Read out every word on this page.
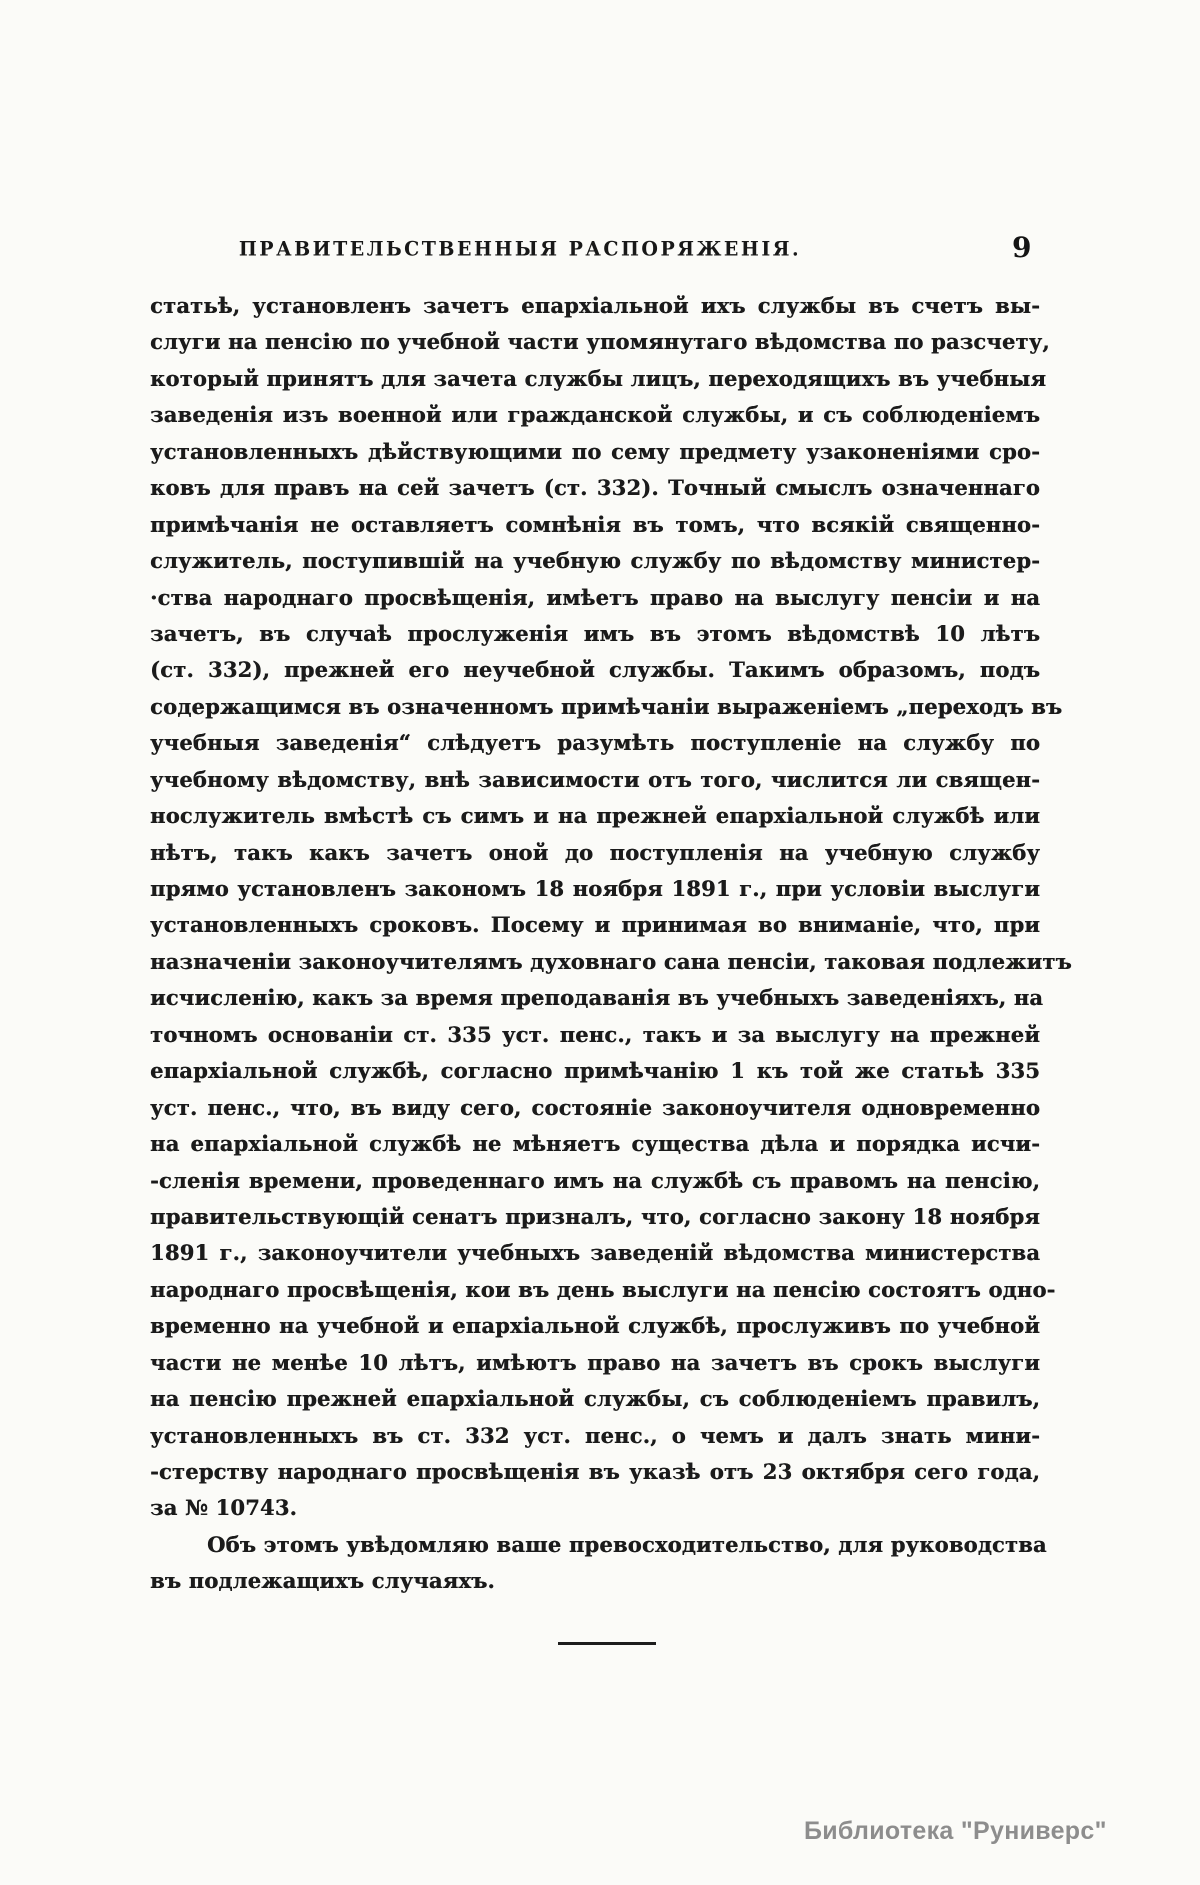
ПРАВИТЕЛЬСТВЕННЫЯ РАСПОРЯЖЕНІЯ.	9
статьѣ, установленъ зачетъ епархіальной ихъ службы въ счетъ вы-
слуги на пенсію по учебной части упомянутаго вѣдомства по разсчету,
который принятъ для зачета службы лицъ, переходящихъ въ учебныя
заведенія изъ военной или гражданской службы, и съ соблюденіемъ
установленныхъ дѣйствующими по сему предмету узаконеніями сро-
ковъ для правъ на сей зачетъ (ст. 332). Точный смыслъ означеннаго
примѣчанія не оставляетъ сомнѣнія въ томъ, что всякій священно-
служитель, поступившій на учебную службу по вѣдомству министер-
·ства народнаго просвѣщенія, имѣетъ право на выслугу пенсіи и на
зачетъ, въ случаѣ прослуженія имъ въ этомъ вѣдомствѣ 10 лѣтъ
(ст. 332), прежней его неучебной службы. Такимъ образомъ, подъ
содержащимся въ означенномъ примѣчаніи выраженіемъ „переходъ въ
учебныя заведенія“ слѣдуетъ разумѣть поступленіе на службу по
учебному вѣдомству, внѣ зависимости отъ того, числится ли священ-
нослужитель вмѣстѣ съ симъ и на прежней епархіальной службѣ или
нѣтъ, такъ какъ зачетъ оной до поступленія на учебную службу
прямо установленъ закономъ 18 ноября 1891 г., при условіи выслуги
установленныхъ сроковъ. Посему и принимая во вниманіе, что, при
назначеніи законоучителямъ духовнаго сана пенсіи, таковая подлежитъ
исчисленію, какъ за время преподаванія въ учебныхъ заведеніяхъ, на
точномъ основаніи ст. 335 уст. пенс., такъ и за выслугу на прежней
епархіальной службѣ, согласно примѣчанію 1 къ той же статьѣ 335
уст. пенс., что, въ виду сего, состояніе законоучителя одновременно
на епархіальной службѣ не мѣняетъ существа дѣла и порядка исчи-
-сленія времени, проведеннаго имъ на службѣ съ правомъ на пенсію,
правительствующій сенатъ призналъ, что, согласно закону 18 ноября
1891 г., законоучители учебныхъ заведеній вѣдомства министерства
народнаго просвѣщенія, кои въ день выслуги на пенсію состоятъ одно-
временно на учебной и епархіальной службѣ, прослуживъ по учебной
части не менѣе 10 лѣтъ, имѣютъ право на зачетъ въ срокъ выслуги
на пенсію прежней епархіальной службы, съ соблюденіемъ правилъ,
установленныхъ въ ст. 332 уст. пенс., о чемъ и далъ знать мини-
-стерству народнаго просвѣщенія въ указѣ отъ 23 октября сего года,
за № 10743.
Объ этомъ увѣдомляю ваше превосходительство, для руководства
въ подлежащихъ случаяхъ.
Библиотека "Руниверс"
